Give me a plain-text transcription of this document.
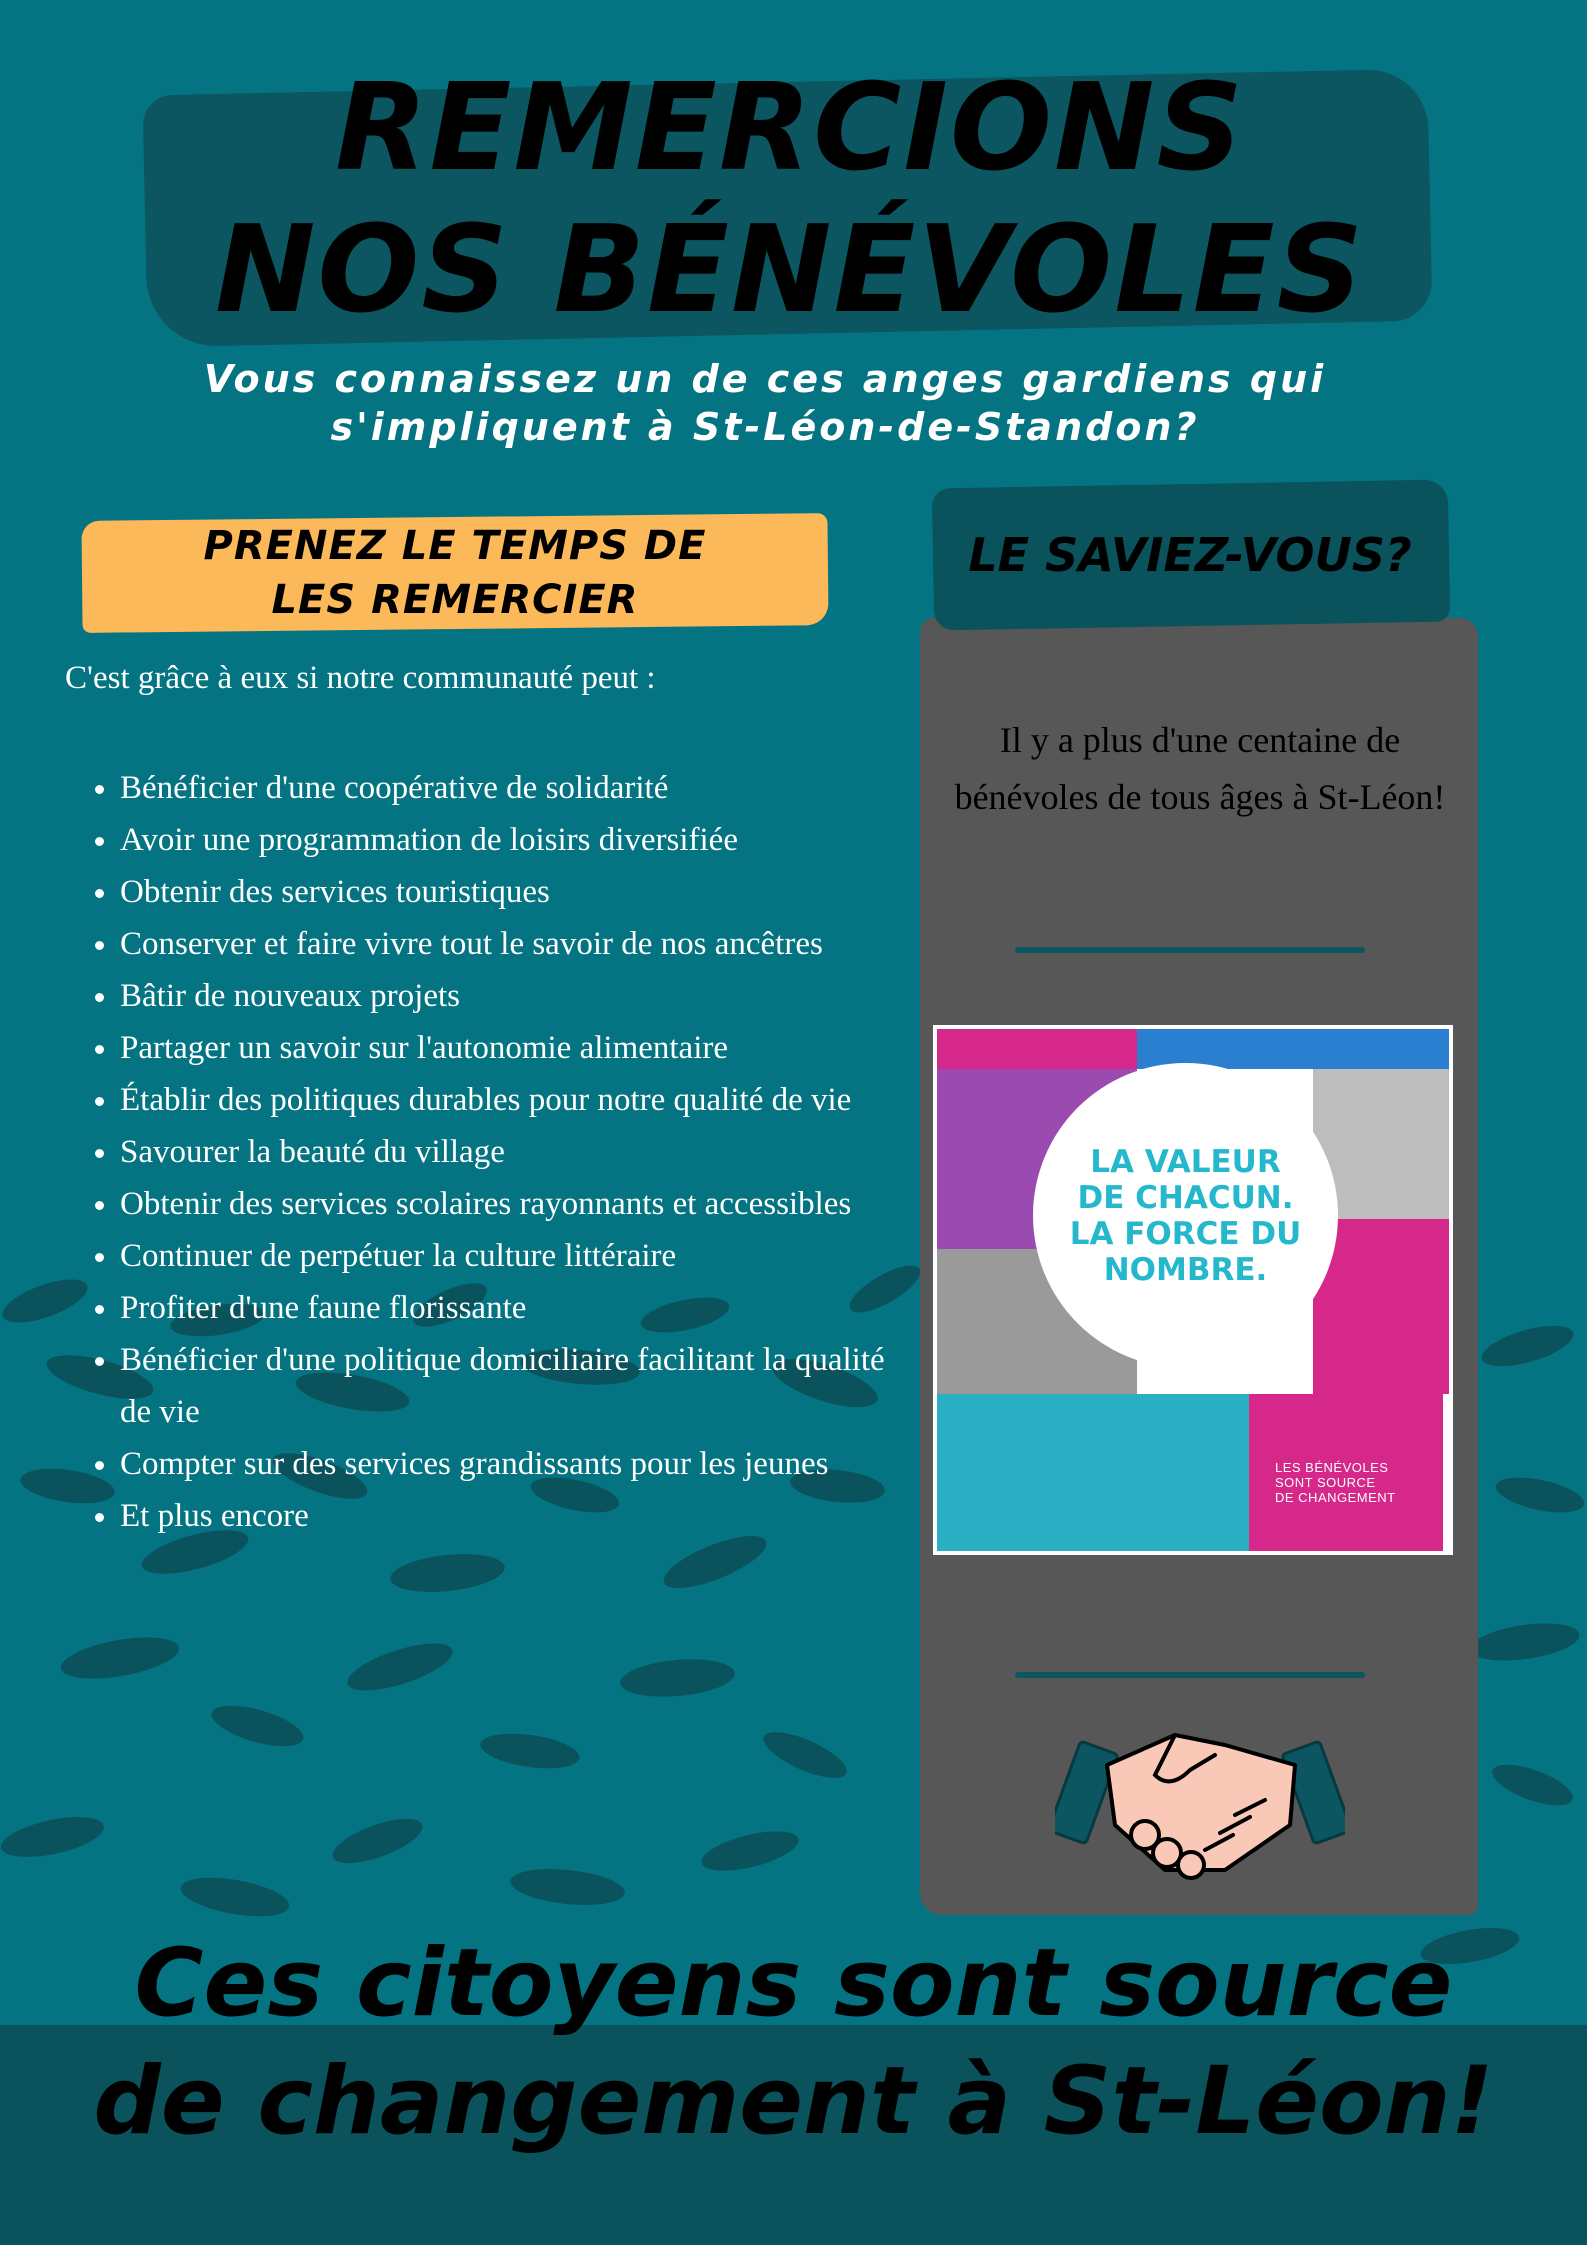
REMERCIONS
NOS BÉNÉVOLES

Vous connaissez un de ces anges gardiens qui
s'impliquent à St-Léon-de-Standon?

PRENEZ LE TEMPS DE
LES REMERCIER

C'est grâce à eux si notre communauté peut :

• Bénéficier d'une coopérative de solidarité
• Avoir une programmation de loisirs diversifiée
• Obtenir des services touristiques
• Conserver et faire vivre tout le savoir de nos ancêtres
• Bâtir de nouveaux projets
• Partager un savoir sur l'autonomie alimentaire
• Établir des politiques durables pour notre qualité de vie
• Savourer la beauté du village
• Obtenir des services scolaires rayonnants et accessibles
• Continuer de perpétuer la culture littéraire
• Profiter d'une faune florissante
• Bénéficier d'une politique domiciliaire facilitant la qualité de vie
• Compter sur des services grandissants pour les jeunes
• Et plus encore
LE SAVIEZ-VOUS?

Il y a plus d'une centaine de bénévoles de tous âges à St-Léon!

LA VALEUR
DE CHACUN.
LA FORCE DU
NOMBRE.
LES BÉNÉVOLES
SONT SOURCE
DE CHANGEMENT
Ces citoyens sont source
de changement à St-Léon!
